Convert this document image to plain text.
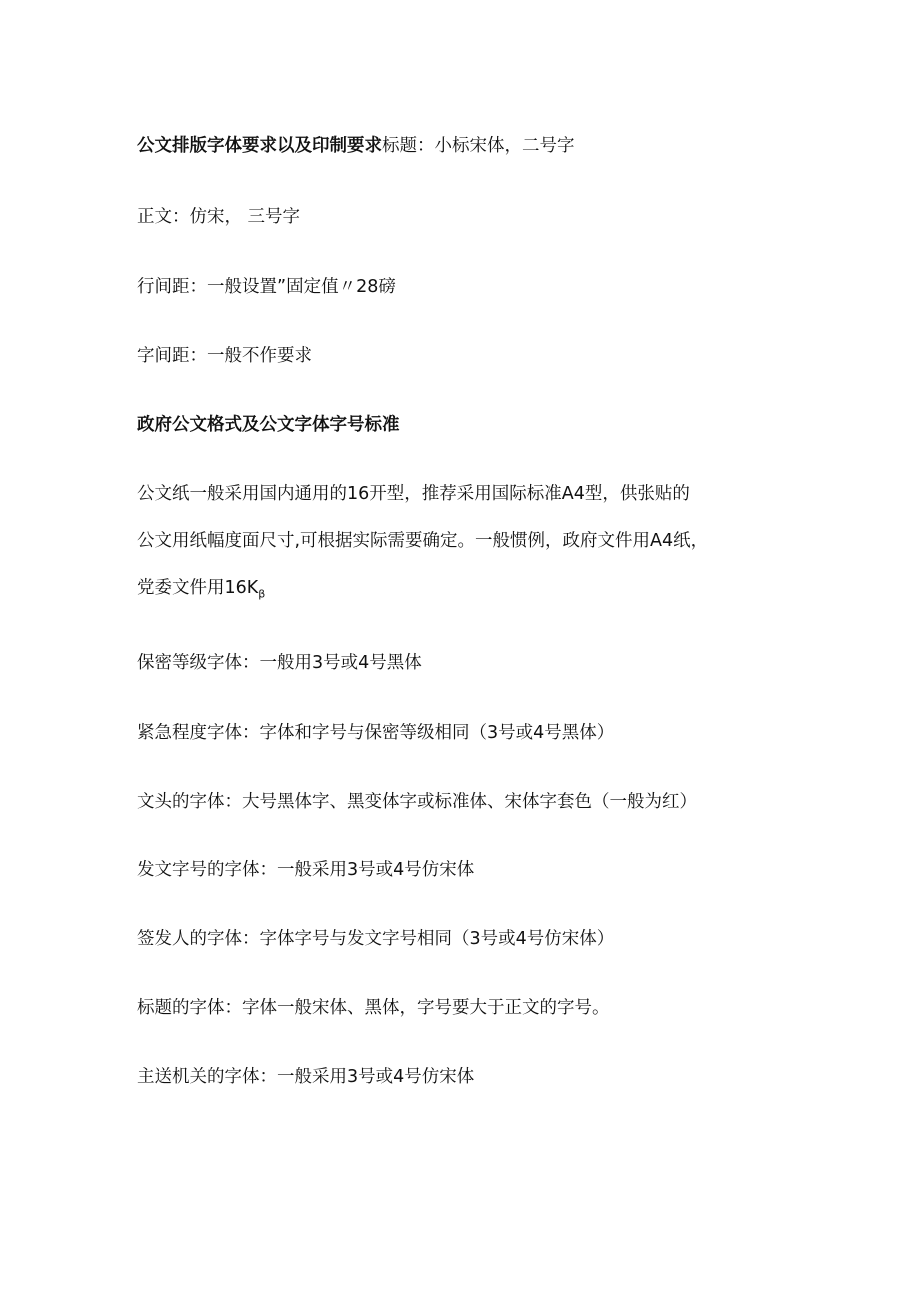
公文排版字体要求以及印制要求标题：小标宋体，二号字
正文：仿宋， 三号字
行间距：一般设置”固定值〃28磅
字间距：一般不作要求
政府公文格式及公文字体字号标准
公文纸一般采用国内通用的16开型，推荐采用国际标准A4型，供张贴的
公文用纸幅度面尺寸,可根据实际需要确定。一般惯例，政府文件用A4纸，
党委文件用$16K_\beta$
保密等级字体：一般用3号或4号黑体
紧急程度字体：字体和字号与保密等级相同（3号或4号黑体）
文头的字体：大号黑体字、黑变体字或标准体、宋体字套色（一般为红）
发文字号的字体：一般采用3号或4号仿宋体
签发人的字体：字体字号与发文字号相同（3号或4号仿宋体）
标题的字体：字体一般宋体、黑体，字号要大于正文的字号。
主送机关的字体：一般采用3号或4号仿宋体
